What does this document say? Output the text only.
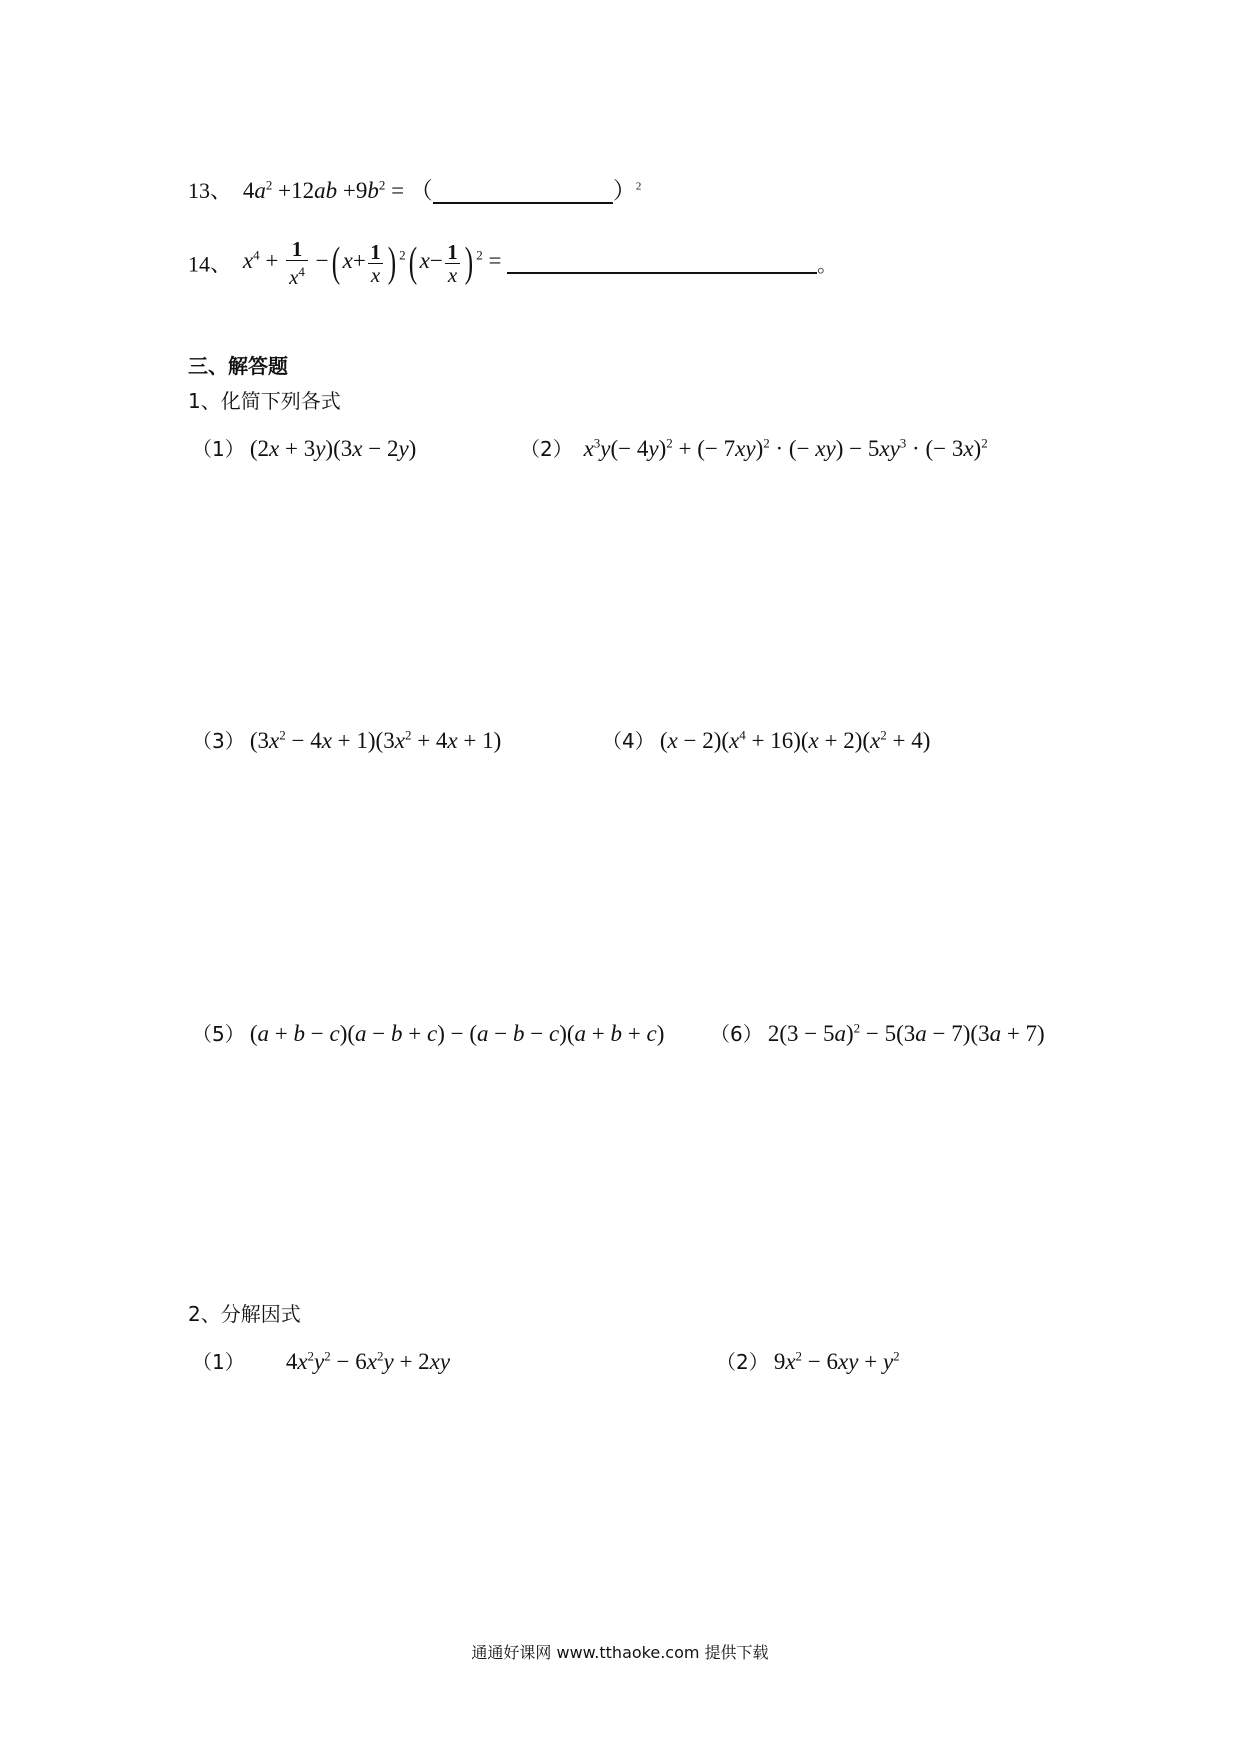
13、  $4a^2 +12ab +9b^2$ = （	）$^2$
14、 $x^4 + \frac{1}{x^4}$ −( $x+ \frac{1}{x}$ ) $^2$( $x- \frac{1}{x}$ ) $^2$ =	。
三、解答题
1、化简下列各式
（1） (2x + 3y)(3x − 2y)	（2） $x^3y(- 4y)^2$ + (− 7xy)$^2$ · (− $xy) - 5xy^3$ · (− 3x)$^2$
（3） $(3x^2 - 4x + 1)(3x^2 + 4x + 1)$	（4） $(x - 2)(x^4 + 16)(x + 2)(x^2 + 4)$
（5） (a + b − c)(a − b + c) − (a − b − c)(a + b + c) （6） $2(3 - 5a)^2 - 5(3a - 7)(3a + 7)$
2、分解因式
（1） $4x^2y^2 - 6x^2y + 2xy$	（2） $9x^2 - 6xy + y^2$
通通好课网 www.tthaoke.com 提供下载
